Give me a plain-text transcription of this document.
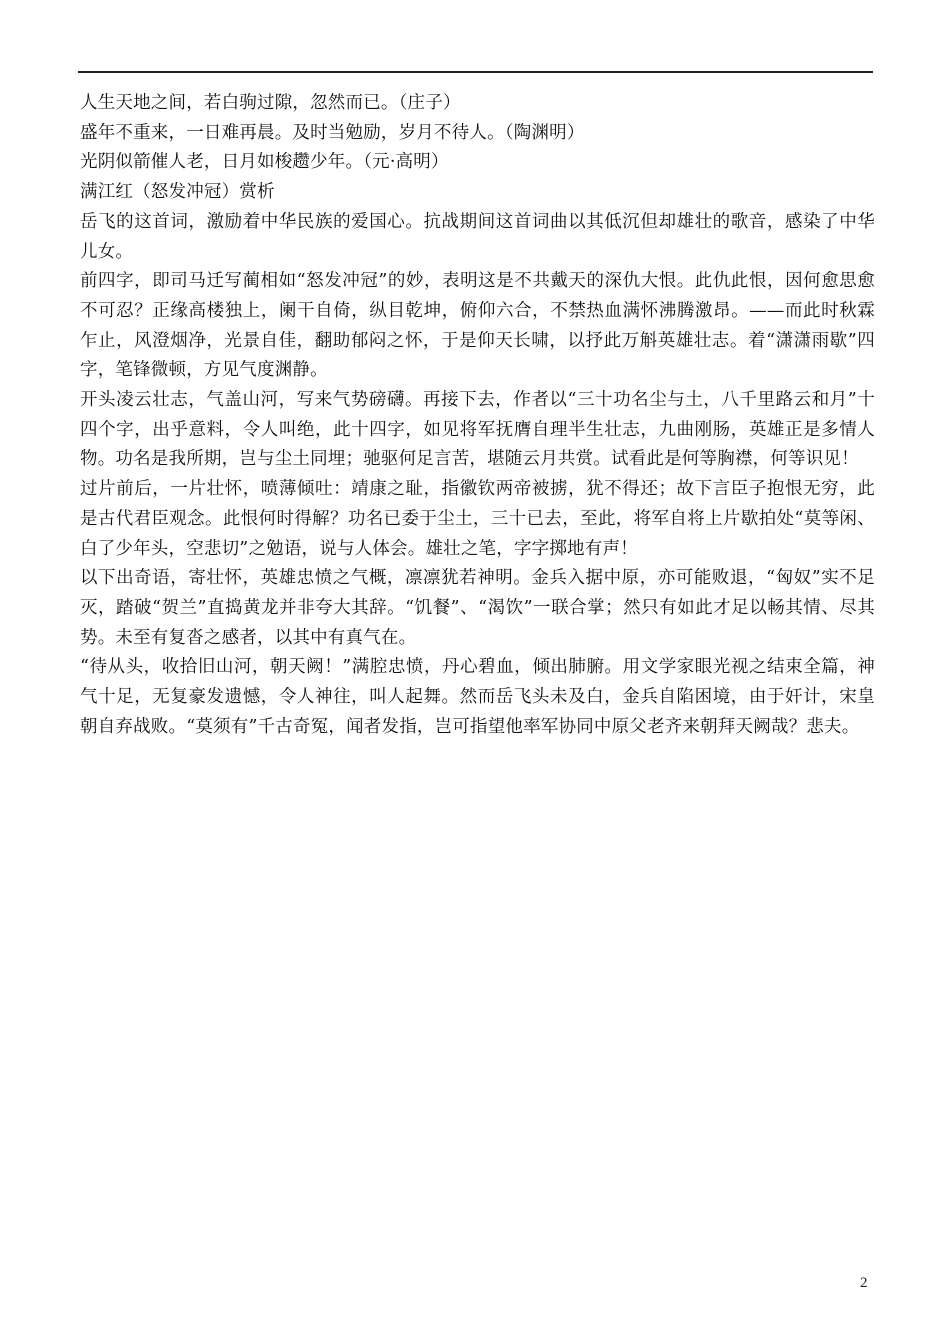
人生天地之间，若白驹过隙，忽然而已。（庄子）

盛年不重来，一日难再晨。及时当勉励，岁月不待人。（陶渊明）

光阴似箭催人老，日月如梭趱少年。（元·高明）

满江红（怒发冲冠）赏析

岳飞的这首词，激励着中华民族的爱国心。抗战期间这首词曲以其低沉但却雄壮的歌音，感染了中华儿女。

前四字，即司马迁写蔺相如“怒发冲冠”的妙，表明这是不共戴天的深仇大恨。此仇此恨，因何愈思愈不可忍？正缘高楼独上，阑干自倚，纵目乾坤，俯仰六合，不禁热血满怀沸腾激昂。——而此时秋霖乍止，风澄烟净，光景自佳，翻助郁闷之怀，于是仰天长啸，以抒此万斛英雄壮志。着“潇潇雨歇”四字，笔锋微顿，方见气度渊静。

开头凌云壮志，气盖山河，写来气势磅礴。再接下去，作者以“三十功名尘与土，八千里路云和月”十四个字，出乎意料，令人叫绝，此十四字，如见将军抚膺自理半生壮志，九曲刚肠，英雄正是多情人物。功名是我所期，岂与尘土同埋；驰驱何足言苦，堪随云月共赏。试看此是何等胸襟，何等识见！

过片前后，一片壮怀，喷薄倾吐：靖康之耻，指徽钦两帝被掳，犹不得还；故下言臣子抱恨无穷，此是古代君臣观念。此恨何时得解？功名已委于尘土，三十已去，至此，将军自将上片歇拍处“莫等闲、白了少年头，空悲切”之勉语，说与人体会。雄壮之笔，字字掷地有声！

以下出奇语，寄壮怀，英雄忠愤之气概，凛凛犹若神明。金兵入据中原，亦可能败退，“匈奴”实不足灭，踏破“贺兰”直捣黄龙并非夸大其辞。“饥餐”、“渴饮”一联合掌；然只有如此才足以畅其情、尽其势。未至有复沓之感者，以其中有真气在。

“待从头，收拾旧山河，朝天阙！”满腔忠愤，丹心碧血，倾出肺腑。用文学家眼光视之结束全篇，神气十足，无复豪发遗憾，令人神往，叫人起舞。然而岳飞头未及白，金兵自陷困境，由于奸计，宋皇朝自弃战败。“莫须有”千古奇冤，闻者发指，岂可指望他率军协同中原父老齐来朝拜天阙哉？悲夫。

2
